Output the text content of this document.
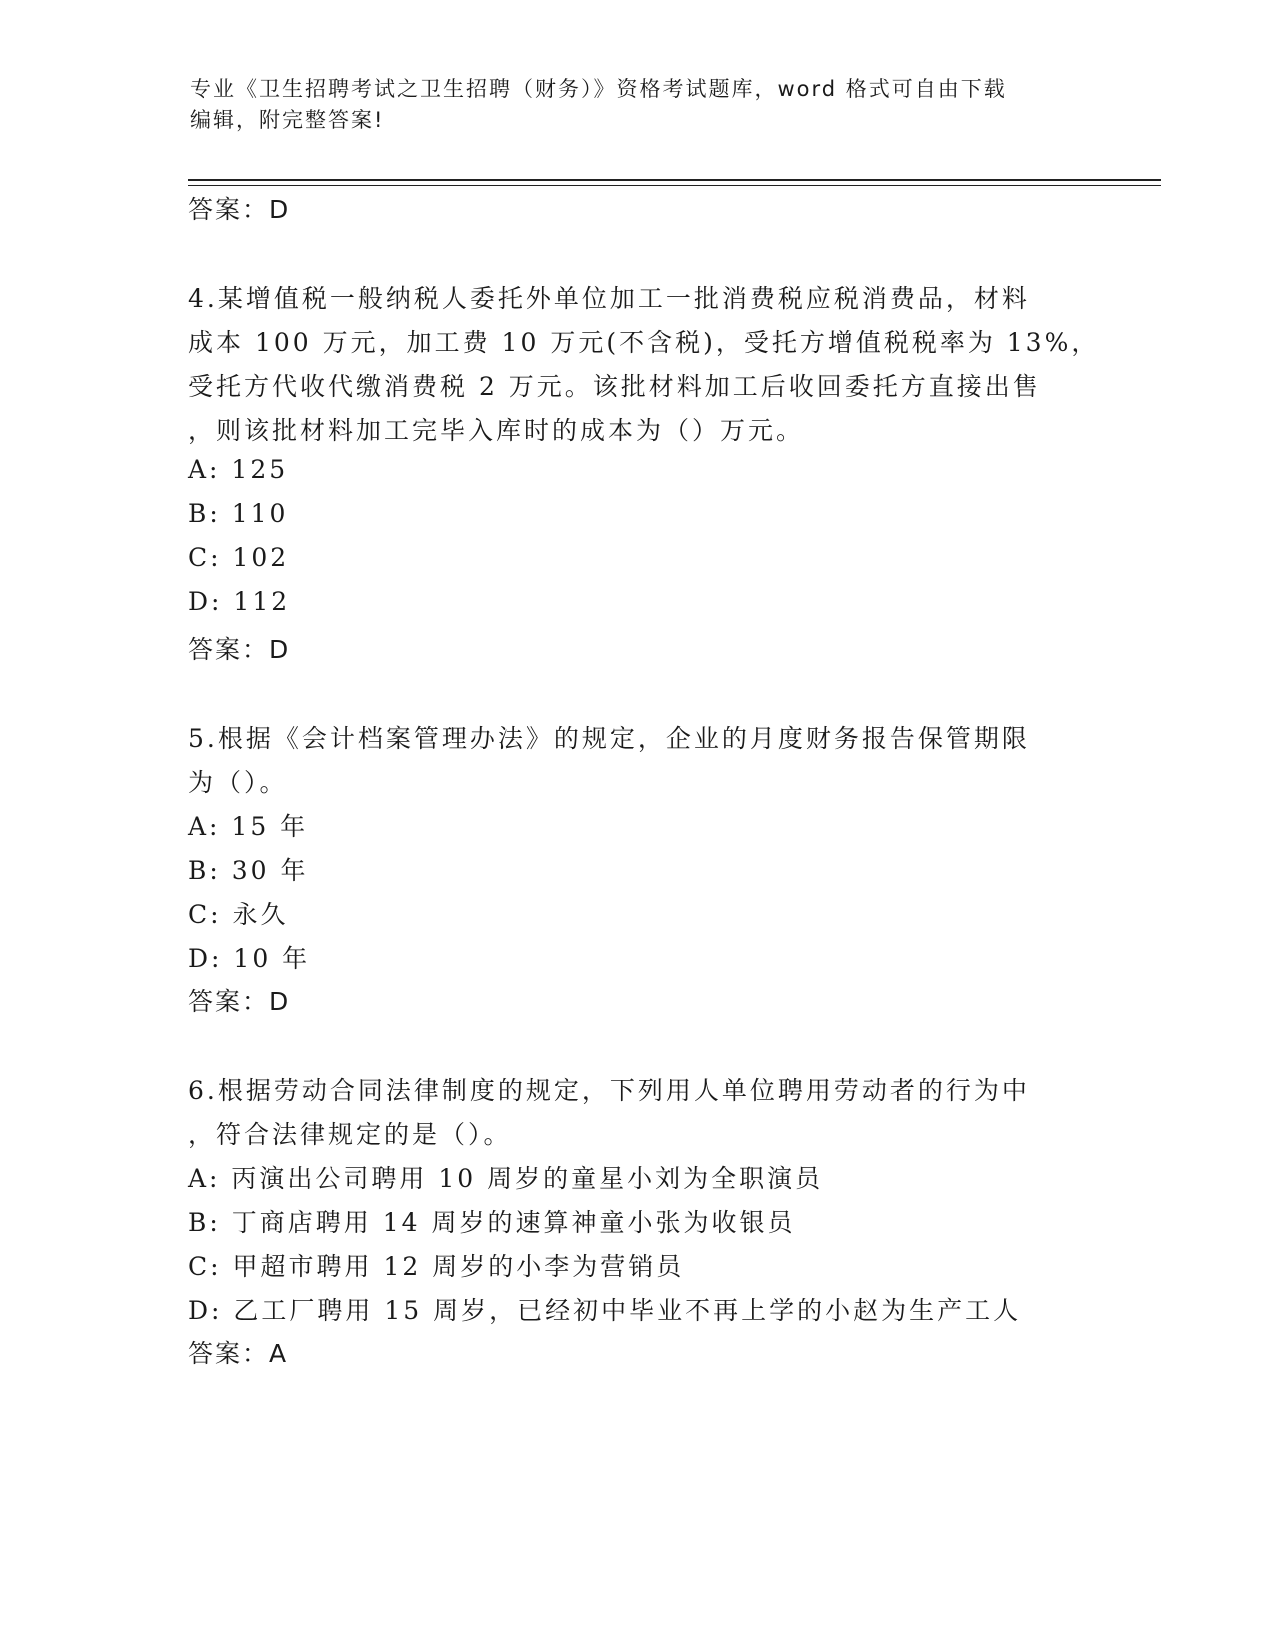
专业《卫生招聘考试之卫生招聘（财务）》资格考试题库，word 格式可自由下载
编辑，附完整答案!
答案：D
4.某增值税一般纳税人委托外单位加工一批消费税应税消费品，材料
成本 100 万元，加工费 10 万元(不含税)，受托方增值税税率为 13%，
受托方代收代缴消费税 2 万元。该批材料加工后收回委托方直接出售
，则该批材料加工完毕入库时的成本为（）万元。
A: 125
B: 110
C: 102
D: 112
答案：D
5.根据《会计档案管理办法》的规定，企业的月度财务报告保管期限
为（）。
A: 15 年
B: 30 年
C: 永久
D: 10 年
答案：D
6.根据劳动合同法律制度的规定，下列用人单位聘用劳动者的行为中
，符合法律规定的是（）。
A: 丙演出公司聘用 10 周岁的童星小刘为全职演员
B: 丁商店聘用 14 周岁的速算神童小张为收银员
C: 甲超市聘用 12 周岁的小李为营销员
D: 乙工厂聘用 15 周岁，已经初中毕业不再上学的小赵为生产工人
答案：A
